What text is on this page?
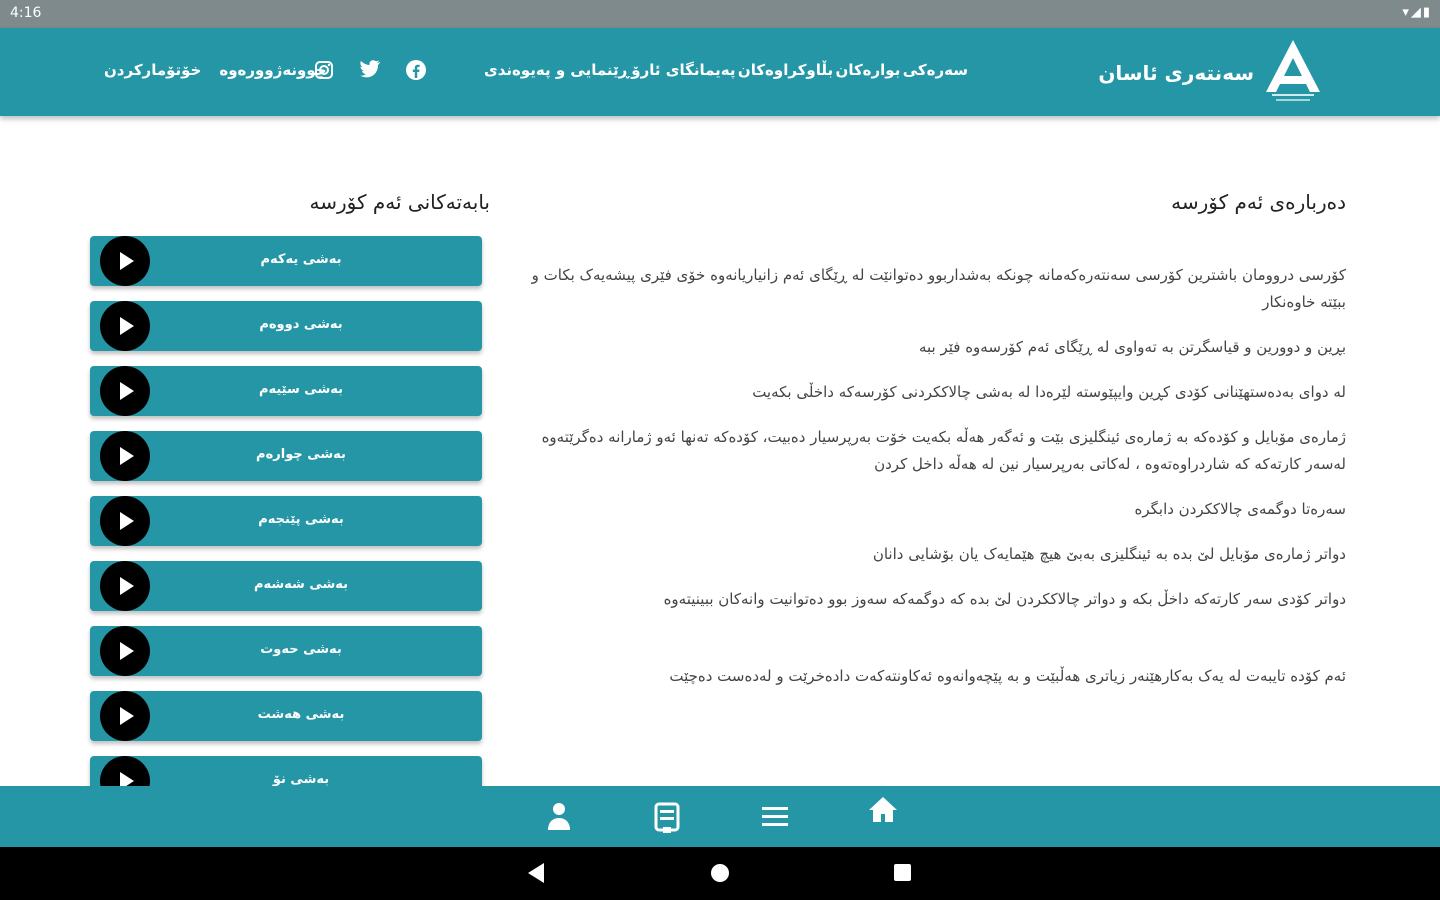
4:16	▾◢▮
سەنتەری ئاسان
سەرەکی
بوارەکان
بڵاوکراوەکان
پەیمانگای ئارۆ
ڕێنمایی و پەیوەندی
خۆتۆمارکردن چوونەژوورەوە
دەربارەی ئەم کۆرسە

کۆرسی دروومان باشترین کۆرسی سەنتەرەکەمانە چونکە بەشداربوو دەتوانێت لە ڕێگای ئەم زانیاریانەوە خۆی فێری پیشەیەک بکات و ببێتە خاوەنکار

بڕین و دوورین و قیاسگرتن بە تەواوی لە ڕێگای ئەم کۆرسەوە فێر ببە

لە دوای بەدەستهێنانی کۆدی کڕین وایپێوستە لێرەدا لە بەشی چالاککردنی کۆرسەکە داخڵی بکەیت

ژمارەی مۆبایل و کۆدەکە بە ژمارەی ئینگلیزی بێت و ئەگەر هەڵە بکەیت خۆت بەرپرسیار دەبیت، کۆدەکە تەنها ئەو ژمارانە دەگرێتەوە لەسەر کارتەکە کە شاردراوەتەوە ، لەکاتی بەرپرسیار نین لە هەڵە داخل کردن

سەرەتا دوگمەی چالاککردن دابگرە

دواتر ژمارەی مۆبایل لێ بدە بە ئینگلیزی بەبێ هیچ هێمایەک یان بۆشایی دانان

دواتر کۆدی سەر کارتەکە داخڵ بکە و دواتر چالاککردن لێ بدە کە دوگمەکە سەوز بوو دەتوانیت وانەکان ببینیتەوە

ئەم کۆدە تایبەت لە یەک بەکارهێنەر زیاتری هەڵبێت و بە پێچەوانەوە ئەکاونتەکەت دادەخرێت و لەدەست دەچێت

بابەتەکانی ئەم کۆرسە
بەشی یەکەم
بەشی دووەم
بەشی سێیەم
بەشی چوارەم
بەشی پێنجەم
بەشی شەشەم
بەشی حەوت
بەشی هەشت
بەشی نۆ
